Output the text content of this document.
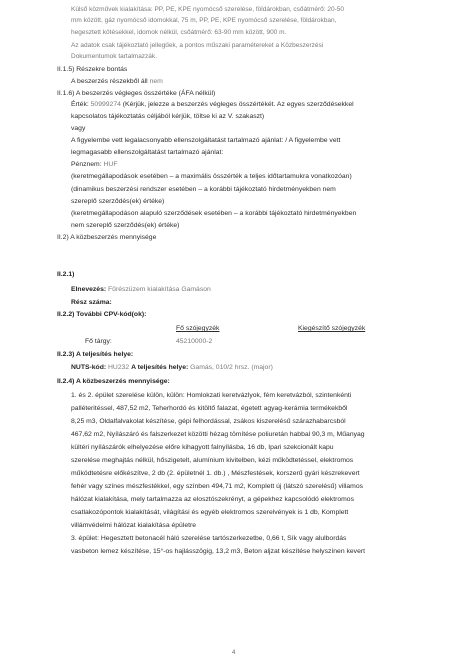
Külső közművek kialakítása: PP, PE, KPE nyomócső szerelése, földárokban, csőátmérő: 20-50
mm között, gáz nyomócső idomokkal, 75 m, PP, PE, KPE nyomócső szerelése, földárokban,
hegesztett kötésekkel, idomok nélkül, csőátmérő: 63-90 mm között, 900 m.
Az adatok csak tájékoztató jellegűek, a pontos műszaki paramétereket a Közbeszerzési
Dokumentumok tartalmazzák.
II.1.5) Részekre bontás
A beszerzés részekből áll nem
II.1.6) A beszerzés végleges összértéke (ÁFA nélkül)
Érték: 50999274 (Kérjük, jelezze a beszerzés végleges összértékét. Az egyes szerződésekkel
kapcsolatos tájékoztatás céljából kérjük, töltse ki az V. szakaszt)
vagy
A figyelembe vett legalacsonyabb ellenszolgáltatást tartalmazó ajánlat: / A figyelembe vett
legmagasabb ellenszolgáltatást tartalmazó ajánlat:
Pénznem: HUF
(keretmegállapodások esetében – a maximális összérték a teljes időtartamukra vonatkozóan)
(dinamikus beszerzési rendszer esetében – a korábbi tájékoztató hirdetményekben nem
szereplő szerződés(ek) értéke)
(keretmegállapodáson alapuló szerződések esetében – a korábbi tájékoztató hirdetményekben
nem szereplő szerződés(ek) értéke)
II.2) A közbeszerzés mennyisége
II.2.1)
Elnevezés: Fűrészüzem kialakítása Gamáson
Rész száma:
II.2.2) További CPV-kód(ok):
Fő szójegyzék	Kiegészítő szójegyzék
Fő tárgy:	45210000-2
II.2.3) A teljesítés helye:
NUTS-kód: HU232 A teljesítés helye: Gamás, 010/2 hrsz. (major)
II.2.4) A közbeszerzés mennyisége:
1. és 2. épület szerelése külön, külön: Homlokzati keretvázlyok, fém keretvázból, szintenkénti
palléteritéssel, 487,52 m2, Teherhordó és kitöltő falazat, égetett agyag-kerámia termékekből
8,25 m3, Oldalfalvakolat készítése, gépi felhordással, zsákos kiszerelésű szárazhabarcsból
467,62 m2, Nyílászáró és falszerkezet közötti hézag tömítése poliuretán habbal 90,3 m, Műanyag
kültéri nyílászárók elhelyezése előre kihagyott falnyílásba, 16 db, Ipari szekcionált kapu
szerelése meghajtás nélkül, hőszigetelt, alumínium kivitelben, kézi működtetéssel, elektromos
működtetésre előkészítve, 2 db (2. épületnél 1. db.) , Mészfestések, korszerű gyári készrekevert
fehér vagy színes mészfestékkel, egy színben 494,71 m2, Komplett új (látszó szerelésű) villamos
hálózat kialakítása, mely tartalmazza az elosztószekrényt, a gépekhez kapcsolódó elektromos
csatlakozópontok kialakítását, világítási és egyéb elektromos szerelvények is 1 db, Komplett
villámvédelmi hálózat kialakítása épületre
3. épület: Hegesztett betonacél háló szerelése tartószerkezetbe, 0,66 t, Sík vagy alulbordás
vasbeton lemez készítése, 15°-os hajlásszögig, 13,2 m3, Beton aljzat készítése helyszínen kevert
4
